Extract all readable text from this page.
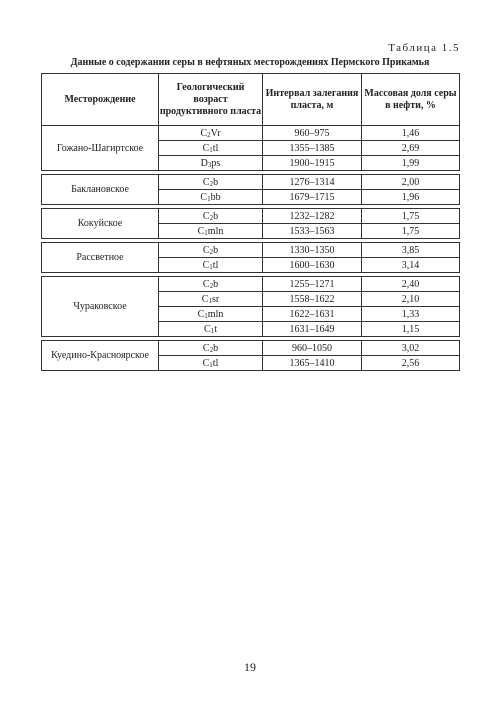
Таблица 1.5
Данные о содержании серы в нефтяных месторождениях Пермского Прикамья
Месторождение	Геологический возраст продуктивного пласта	Интервал залегания пласта, м	Массовая доля серы в нефти, %
Гожано-Шагиртское	$C_2Vr$	960–975	1,46
	$C_1tl$	1355–1385	2,69
	$D_3ps$	1900–1915	1,99

Баклановское	$C_2b$	1276–1314	2,00
	$C_1bb$	1679–1715	1,96

Кокуйское	$C_2b$	1232–1282	1,75
	$C_1mln$	1533–1563	1,75

Рассветное	$C_2b$	1330–1350	3,85
	$C_1tl$	1600–1630	3,14

Чураковское	$C_2b$	1255–1271	2,40
	$C_1sr$	1558–1622	2,10
	$C_1mln$	1622–1631	1,33
	$C_1t$	1631–1649	1,15

Куедино-Красноярское	$C_2b$	960–1050	3,02
	$C_1tl$	1365–1410	2,56
19
